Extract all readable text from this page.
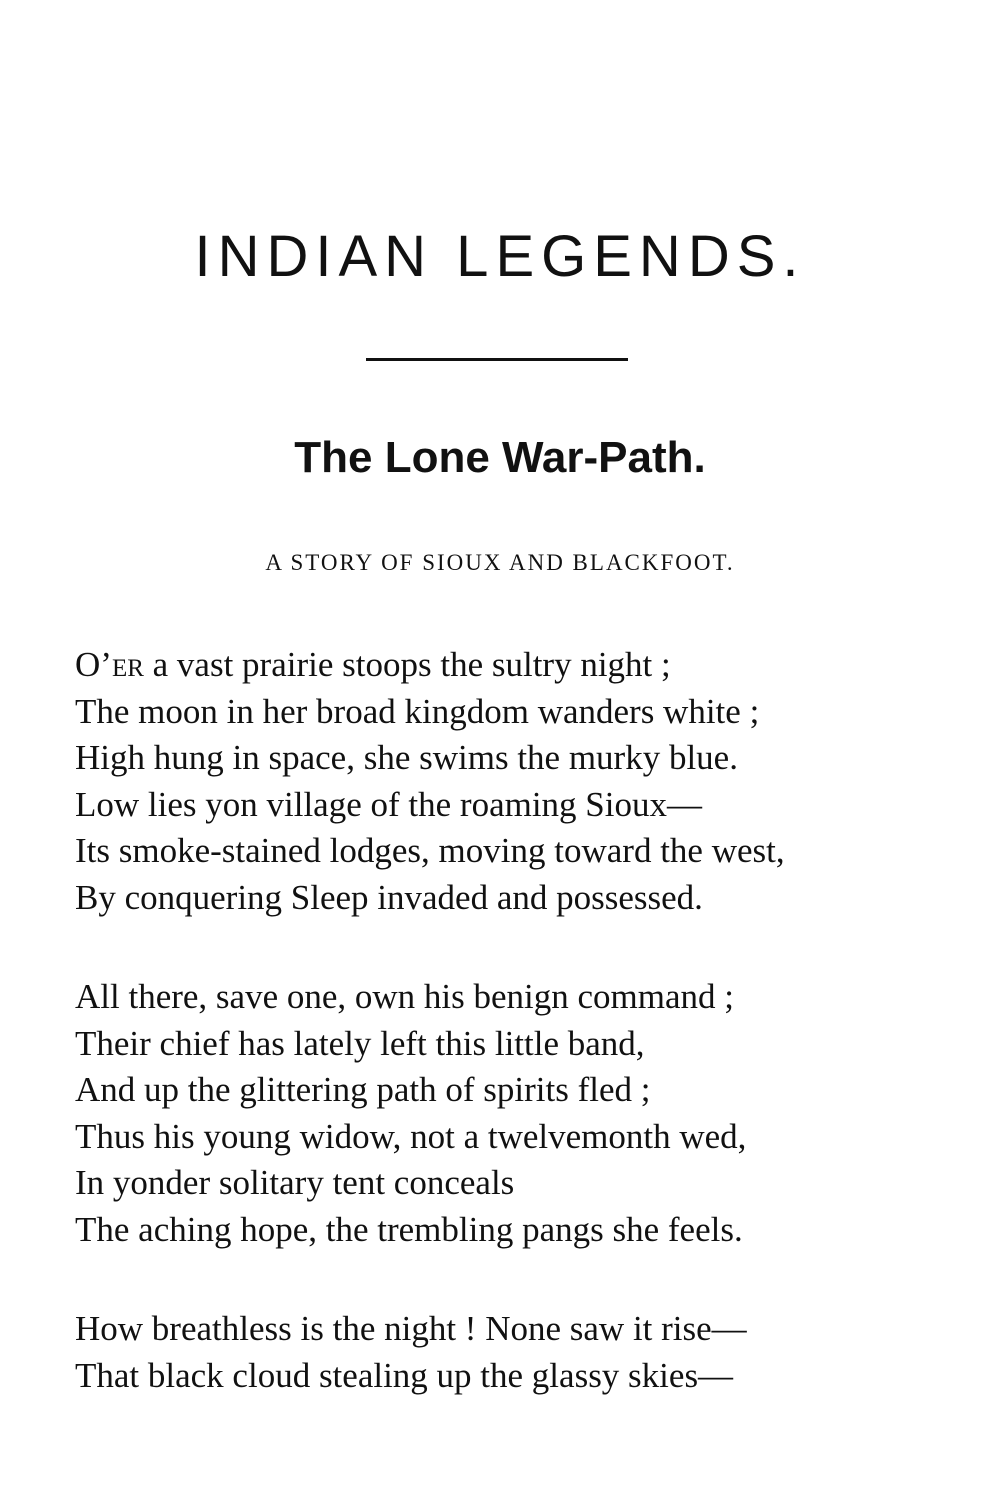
INDIAN LEGENDS.
The Lone War-Path.
A STORY OF SIOUX AND BLACKFOOT.
O’er a vast prairie stoops the sultry night ;
The moon in her broad kingdom wanders white ;
High hung in space, she swims the murky blue.
Low lies yon village of the roaming Sioux—
Its smoke-stained lodges, moving toward the west,
By conquering Sleep invaded and possessed.
All there, save one, own his benign command ;
Their chief has lately left this little band,
And up the glittering path of spirits fled ;
Thus his young widow, not a twelvemonth wed,
In yonder solitary tent conceals
The aching hope, the trembling pangs she feels.
How breathless is the night ! None saw it rise—
That black cloud stealing up the glassy skies—
